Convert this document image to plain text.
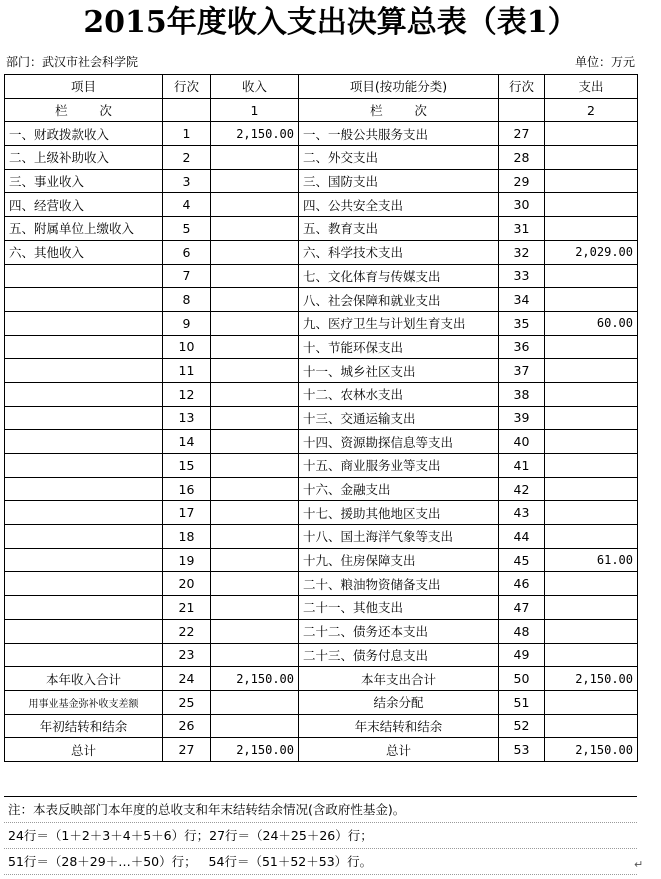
2015年度收入支出决算总表（表1）
部门：武汉市社会科学院	单位：万元
项目	行次	收入	项目(按功能分类)	行次	支出
栏        次		1	栏        次		2
一、财政拨款收入	1	2,150.00	一、一般公共服务支出	27	
二、上级补助收入	2		二、外交支出	28	
三、事业收入	3		三、国防支出	29	
四、经营收入	4		四、公共安全支出	30	
五、附属单位上缴收入	5		五、教育支出	31	
六、其他收入	6		六、科学技术支出	32	2,029.00
	7		七、文化体育与传媒支出	33	
	8		八、社会保障和就业支出	34	
	9		九、医疗卫生与计划生育支出	35	60.00
	10		十、节能环保支出	36	
	11		十一、城乡社区支出	37	
	12		十二、农林水支出	38	
	13		十三、交通运输支出	39	
	14		十四、资源勘探信息等支出	40	
	15		十五、商业服务业等支出	41	
	16		十六、金融支出	42	
	17		十七、援助其他地区支出	43	
	18		十八、国土海洋气象等支出	44	
	19		十九、住房保障支出	45	61.00
	20		二十、粮油物资储备支出	46	
	21		二十一、其他支出	47	
	22		二十二、债务还本支出	48	
	23		二十三、债务付息支出	49	
本年收入合计	24	2,150.00	本年支出合计	50	2,150.00
用事业基金弥补收支差额	25		结余分配	51	
年初结转和结余	26		年末结转和结余	52	
总计	27	2,150.00	总计	53	2,150.00
注：本表反映部门本年度的总收支和年末结转结余情况(含政府性基金)。
24行＝（1＋2＋3＋4＋5＋6）行；27行＝（24＋25＋26）行；
51行＝（28＋29＋…＋50）行；   54行＝（51＋52＋53）行。	↵
